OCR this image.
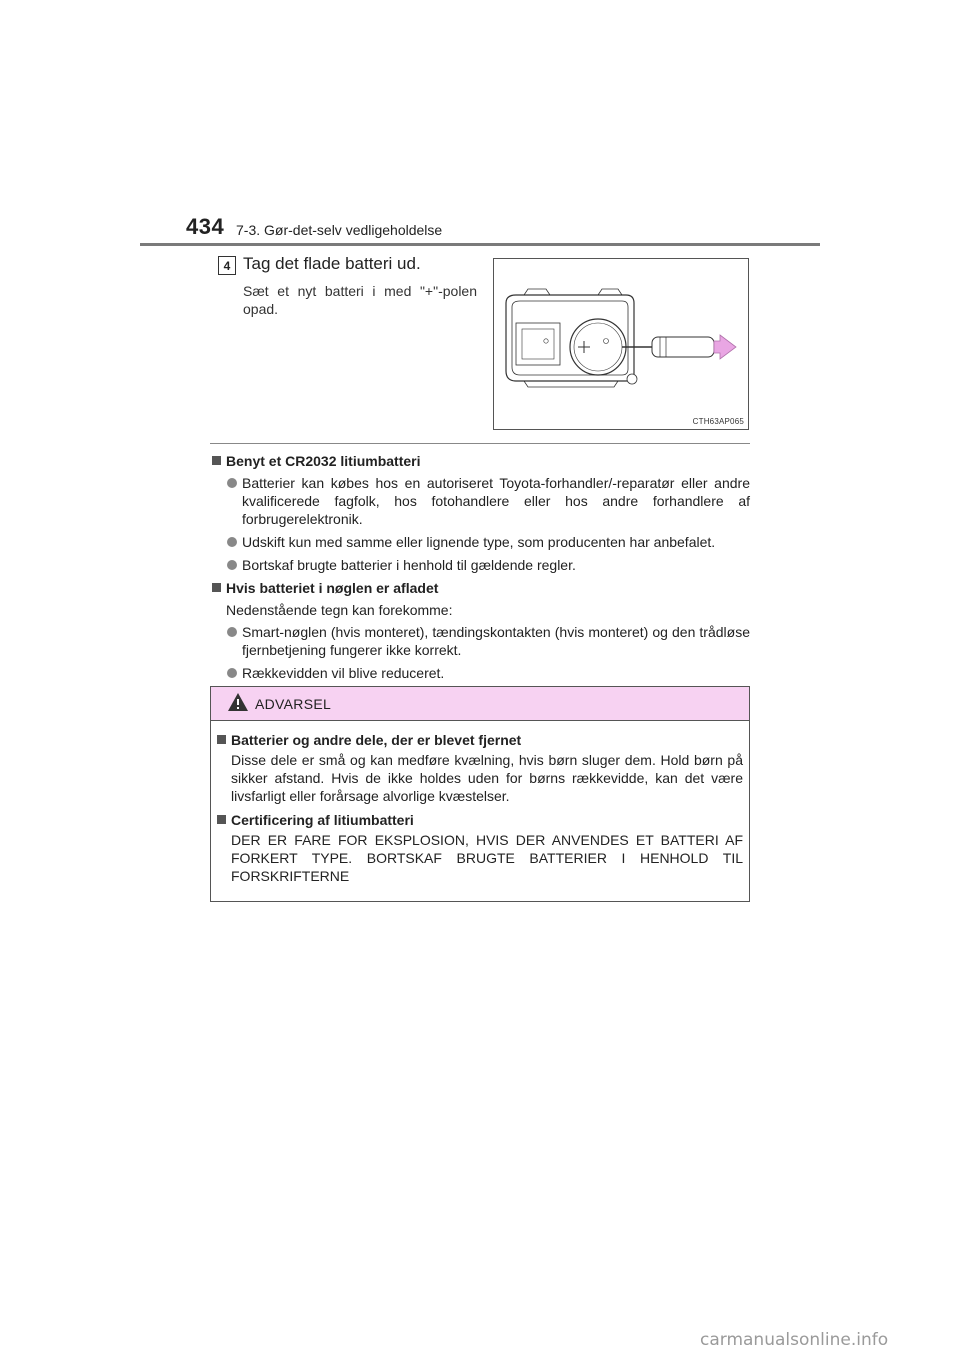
434 7-3. Gør-det-selv vedligeholdelse
4 Tag det flade batteri ud.
Sæt et nyt batteri i med "+"-polen opad.
CTH63AP065
Benyt et CR2032 litiumbatteri
Batterier kan købes hos en autoriseret Toyota-forhandler/-reparatør eller andre kvalificerede fagfolk, hos fotohandlere eller hos andre forhandlere af forbrugerelektronik.
Udskift kun med samme eller lignende type, som producenten har anbefalet.
Bortskaf brugte batterier i henhold til gældende regler.
Hvis batteriet i nøglen er afladet
Nedenstående tegn kan forekomme:
Smart-nøglen (hvis monteret), tændingskontakten (hvis monteret) og den trådløse fjernbetjening fungerer ikke korrekt.
Rækkevidden vil blive reduceret.
ADVARSEL
Batterier og andre dele, der er blevet fjernet
Disse dele er små og kan medføre kvælning, hvis børn sluger dem. Hold børn på sikker afstand. Hvis de ikke holdes uden for børns rækkevidde, kan det være livsfarligt eller forårsage alvorlige kvæstelser.
Certificering af litiumbatteri
DER ER FARE FOR EKSPLOSION, HVIS DER ANVENDES ET BATTERI AF FORKERT TYPE. BORTSKAF BRUGTE BATTERIER I HENHOLD TIL FORSKRIFTERNE
carmanualsonline.info
